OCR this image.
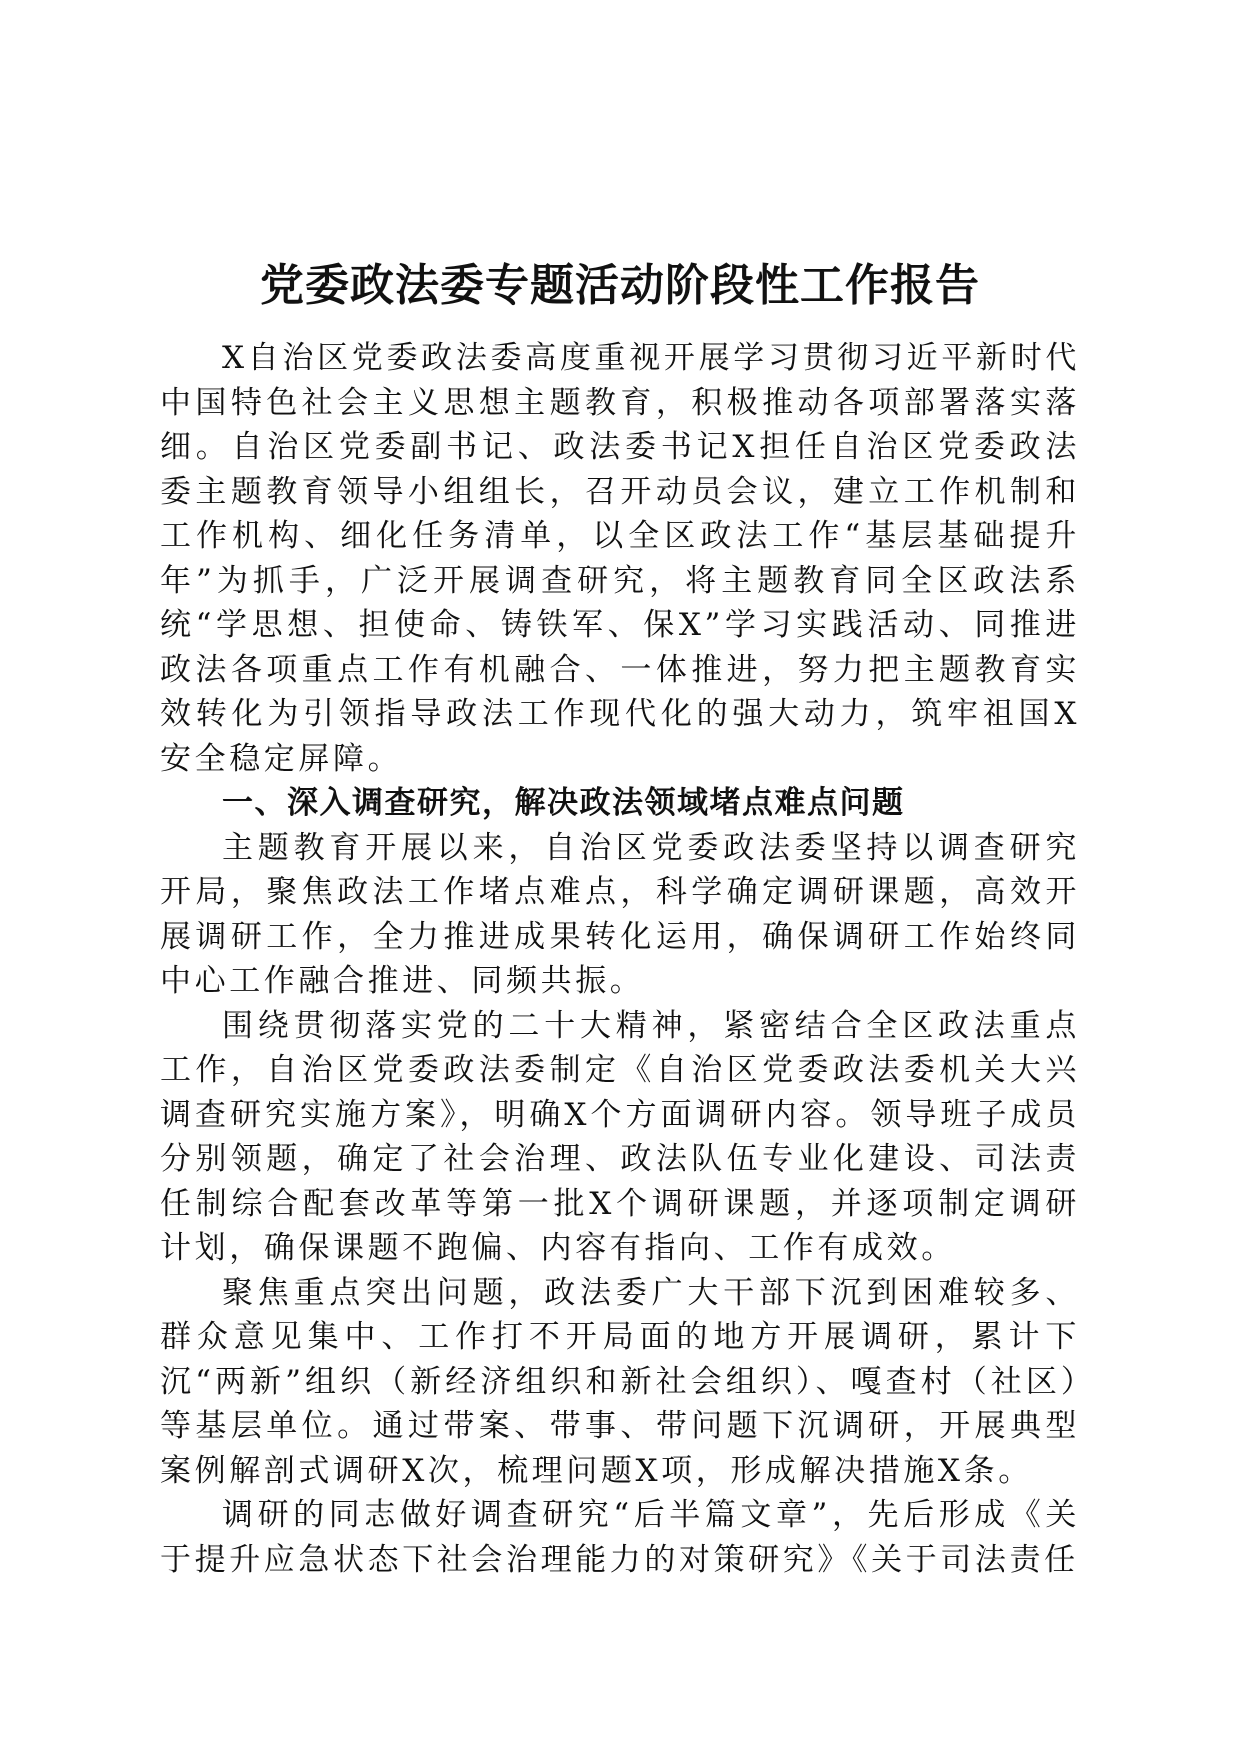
党委政法委专题活动阶段性工作报告

X自治区党委政法委高度重视开展学习贯彻习近平新时代中国特色社会主义思想主题教育，积极推动各项部署落实落细。自治区党委副书记、政法委书记X担任自治区党委政法委主题教育领导小组组长，召开动员会议，建立工作机制和工作机构、细化任务清单，以全区政法工作“基层基础提升年”为抓手，广泛开展调查研究，将主题教育同全区政法系统“学思想、担使命、铸铁军、保X”学习实践活动、同推进政法各项重点工作有机融合、一体推进，努力把主题教育实效转化为引领指导政法工作现代化的强大动力，筑牢祖国X安全稳定屏障。

一、深入调查研究，解决政法领域堵点难点问题

主题教育开展以来，自治区党委政法委坚持以调查研究开局，聚焦政法工作堵点难点，科学确定调研课题，高效开展调研工作，全力推进成果转化运用，确保调研工作始终同中心工作融合推进、同频共振。

围绕贯彻落实党的二十大精神，紧密结合全区政法重点工作，自治区党委政法委制定《自治区党委政法委机关大兴调查研究实施方案》，明确X个方面调研内容。领导班子成员分别领题，确定了社会治理、政法队伍专业化建设、司法责任制综合配套改革等第一批X个调研课题，并逐项制定调研计划，确保课题不跑偏、内容有指向、工作有成效。

聚焦重点突出问题，政法委广大干部下沉到困难较多、群众意见集中、工作打不开局面的地方开展调研，累计下沉“两新”组织（新经济组织和新社会组织）、嘎查村（社区）等基层单位。通过带案、带事、带问题下沉调研，开展典型案例解剖式调研X次，梳理问题X项，形成解决措施X条。

调研的同志做好调查研究“后半篇文章”，先后形成《关于提升应急状态下社会治理能力的对策研究》《关于司法责任
